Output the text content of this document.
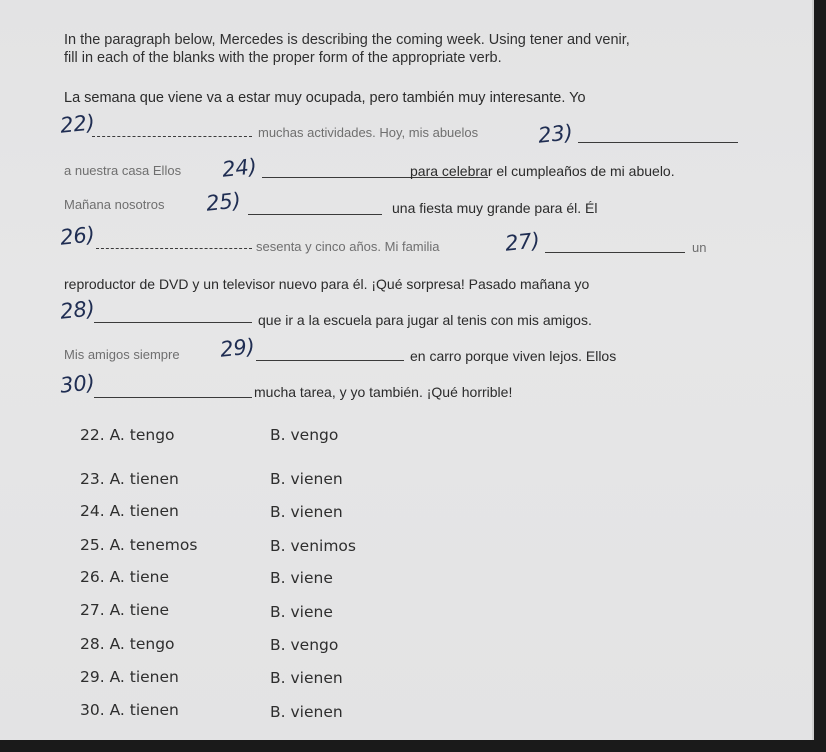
In the paragraph below, Mercedes is describing the coming week. Using tener and venir,
fill in each of the blanks with the proper form of the appropriate verb.
La semana que viene va a estar muy ocupada, pero también muy interesante. Yo
22)	muchas actividades. Hoy, mis abuelos	23)
a nuestra casa Ellos 24)	para celebrar el cumpleaños de mi abuelo.
Mañana nosotros 25)	una fiesta muy grande para él. Él
26)	sesenta y cinco años. Mi familia	27)	un
reproductor de DVD y un televisor nuevo para él. ¡Qué sorpresa! Pasado mañana yo
28)	que ir a la escuela para jugar al tenis con mis amigos.
Mis amigos siempre 29)	en carro porque viven lejos. Ellos
30)	mucha tarea, y yo también. ¡Qué horrible!
22. A. tengo	B. vengo
23. A. tienen	B. vienen
24. A. tienen	B. vienen
25. A. tenemos	B. venimos
26. A. tiene	B. viene
27. A. tiene	B. viene
28. A. tengo	B. vengo
29. A. tienen	B. vienen
30. A. tienen	B. vienen
